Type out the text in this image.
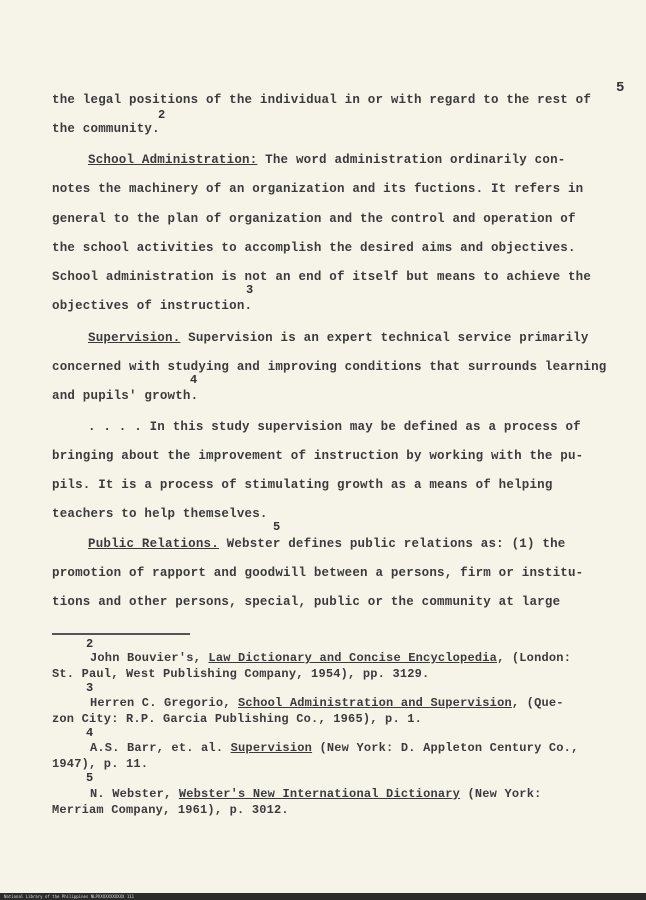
5
the legal positions of the individual in or with regard to the rest of
2
the community.
School Administration: The word administration ordinarily con-
notes the machinery of an organization and its fuctions. It refers in
general to the plan of organization and the control and operation of
the school activities to accomplish the desired aims and objectives.
School administration is not an end of itself but means to achieve the
3
objectives of instruction.
Supervision. Supervision is an expert technical service primarily
concerned with studying and improving conditions that surrounds learning
4
and pupils' growth.
. . . . In this study supervision may be defined as a process of
bringing about the improvement of instruction by working with the pu-
pils. It is a process of stimulating growth as a means of helping
teachers to help themselves.
5
Public Relations. Webster defines public relations as: (1) the
promotion of rapport and goodwill between a persons, firm or institu-
tions and other persons, special, public or the community at large
2
John Bouvier's, Law Dictionary and Concise Encyclopedia, (London:
St. Paul, West Publishing Company, 1954), pp. 3129.
3
Herren C. Gregorio, School Administration and Supervision, (Que-
zon City: R.P. Garcia Publishing Co., 1965), p. 1.
4
A.S. Barr, et. al. Supervision (New York: D. Appleton Century Co.,
1947), p. 11.
5
N. Webster, Webster's New International Dictionary (New York:
Merriam Company, 1961), p. 3012.
National Library of the Philippines NLPXXXXXXXXXXX 111
